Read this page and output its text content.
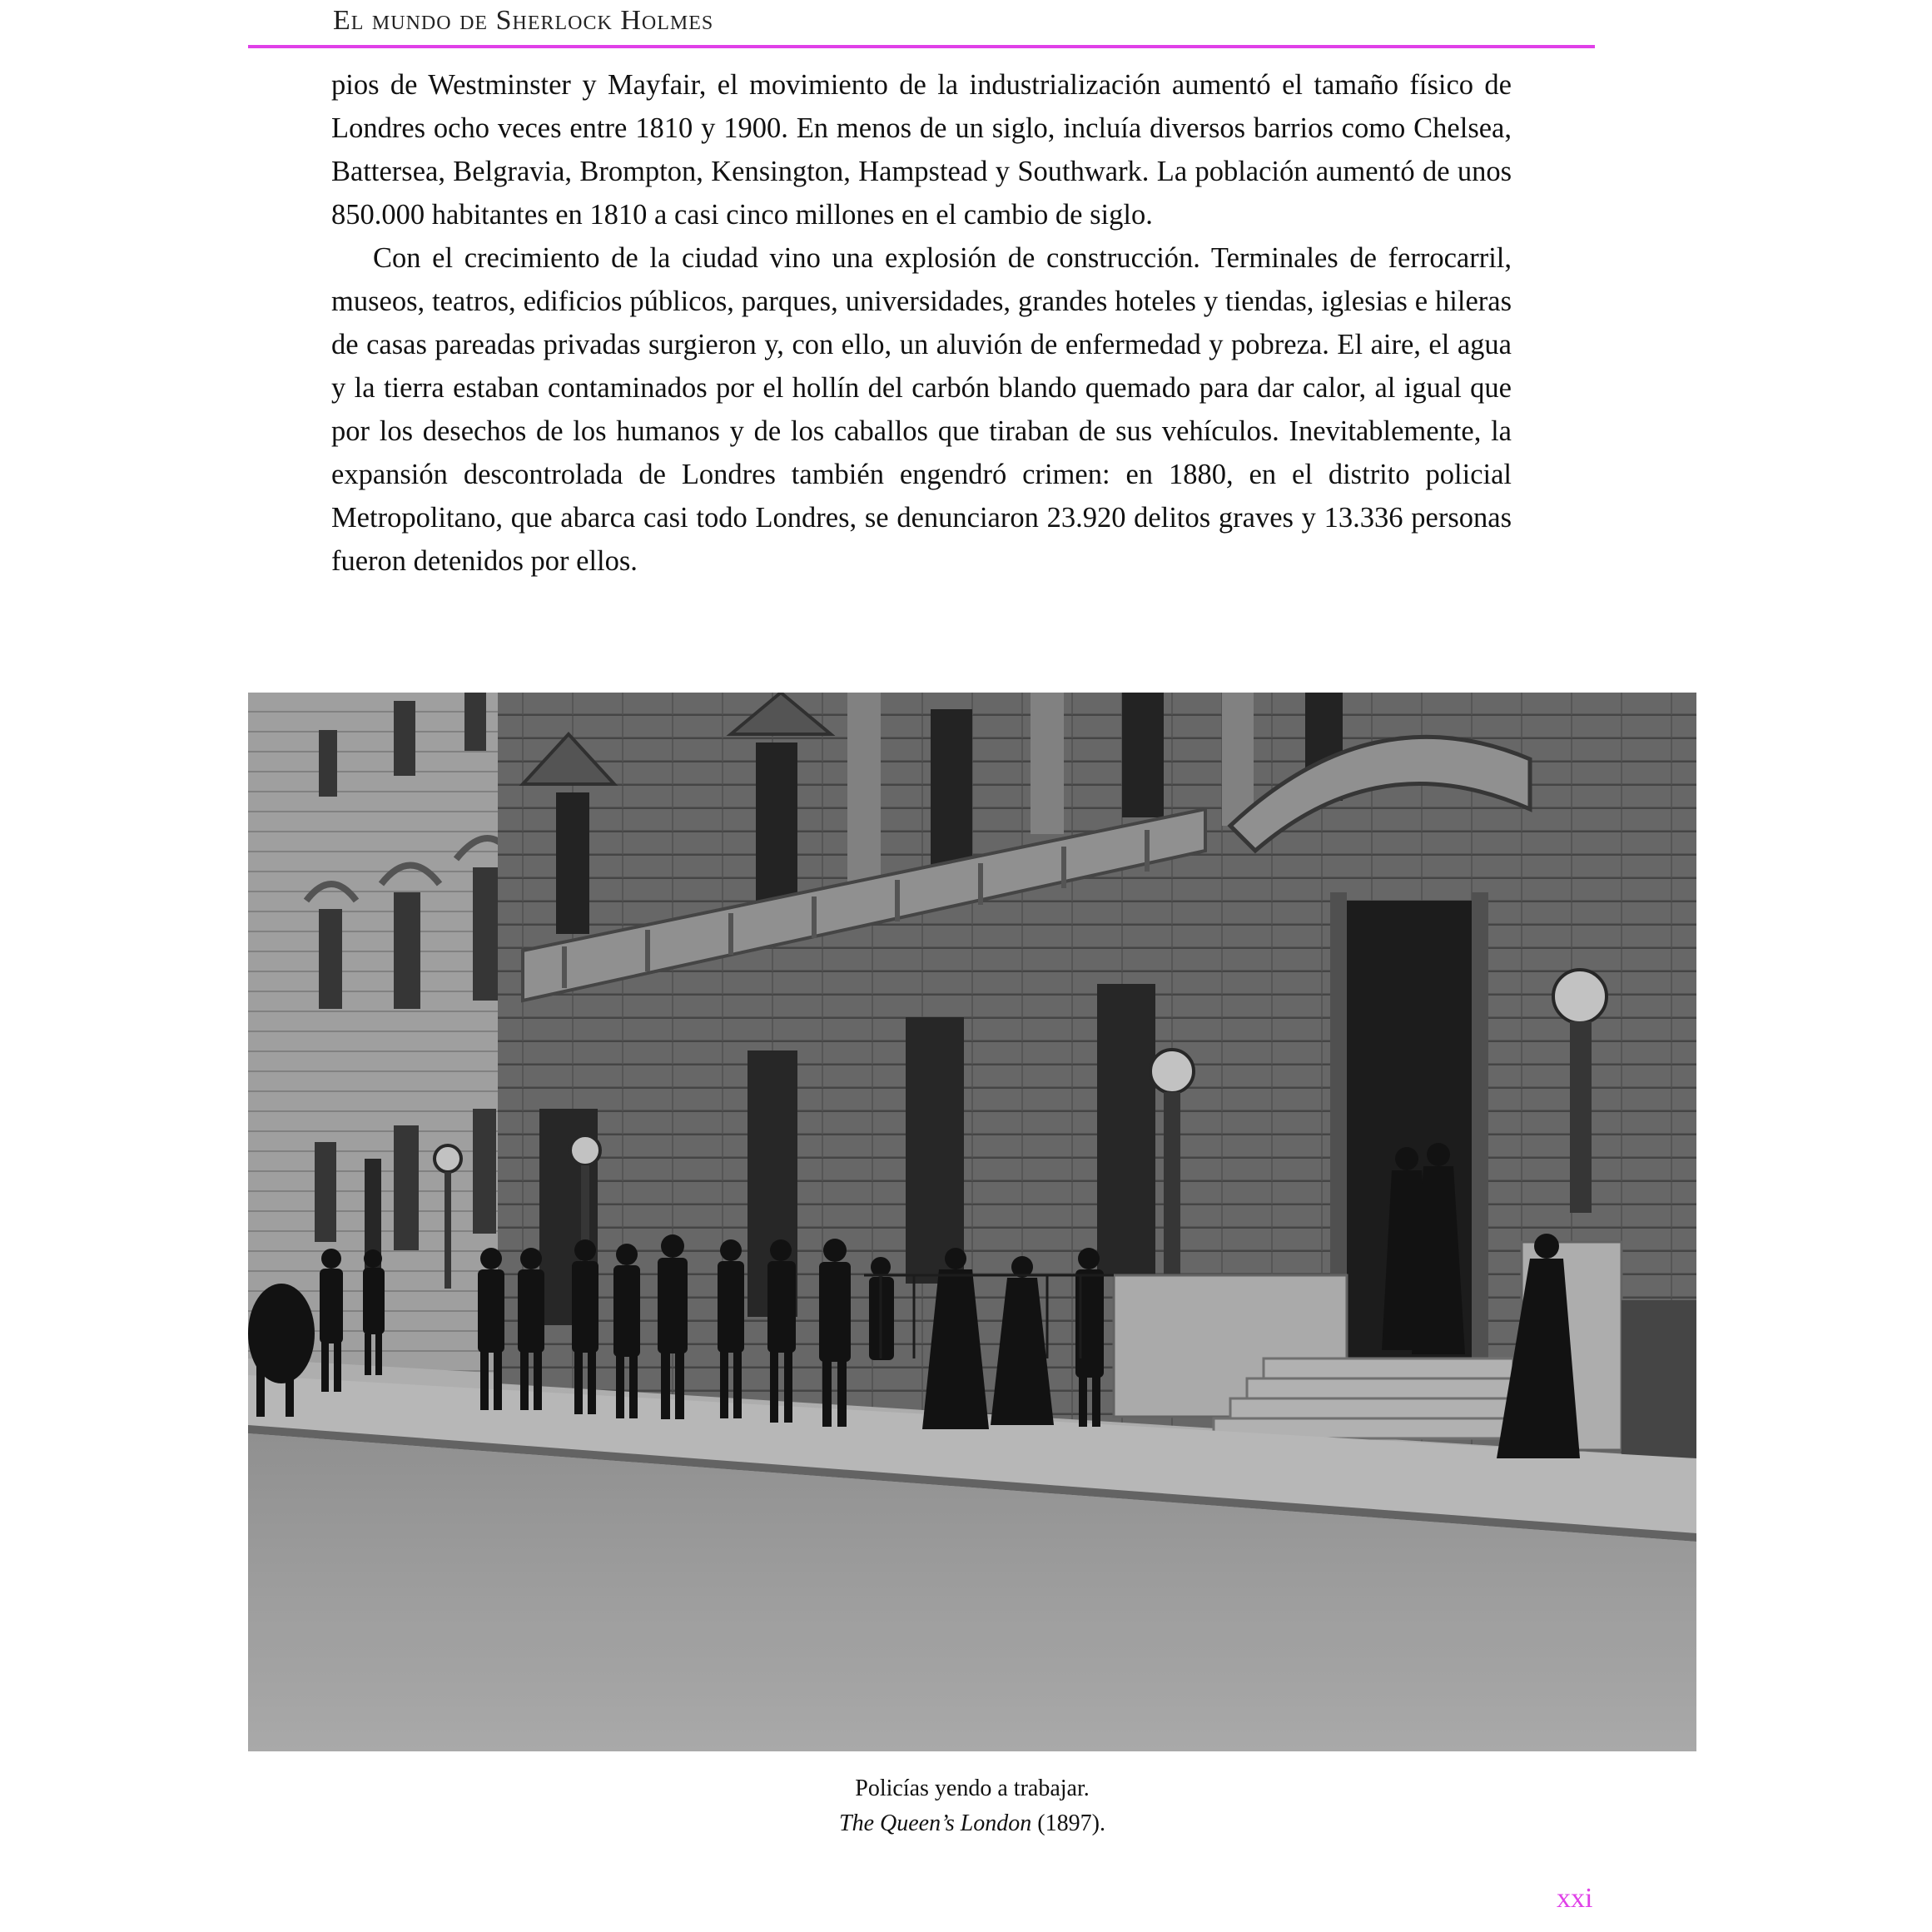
El mundo de Sherlock Holmes

pios de Westminster y Mayfair, el movimiento de la industrialización aumentó el tamaño físico de Londres ocho veces entre 1810 y 1900. En menos de un siglo, incluía diversos barrios como Chelsea, Battersea, Belgravia, Brompton, Kensington, Hampstead y Southwark. La población aumentó de unos 850.000 habitantes en 1810 a casi cinco millones en el cambio de siglo.

Con el crecimiento de la ciudad vino una explosión de construcción. Terminales de ferrocarril, museos, teatros, edificios públicos, parques, universidades, grandes hoteles y tiendas, iglesias e hileras de casas pareadas privadas surgieron y, con ello, un aluvión de enfermedad y pobreza. El aire, el agua y la tierra estaban contaminados por el hollín del carbón blando quemado para dar calor, al igual que por los desechos de los humanos y de los caballos que tiraban de sus vehículos. Inevitablemente, la expansión descontrolada de Londres también engendró crimen: en 1880, en el distrito policial Metropolitano, que abarca casi todo Londres, se denunciaron 23.920 delitos graves y 13.336 personas fueron detenidos por ellos.

Policías yendo a trabajar.
The Queen’s London (1897).
xxi
